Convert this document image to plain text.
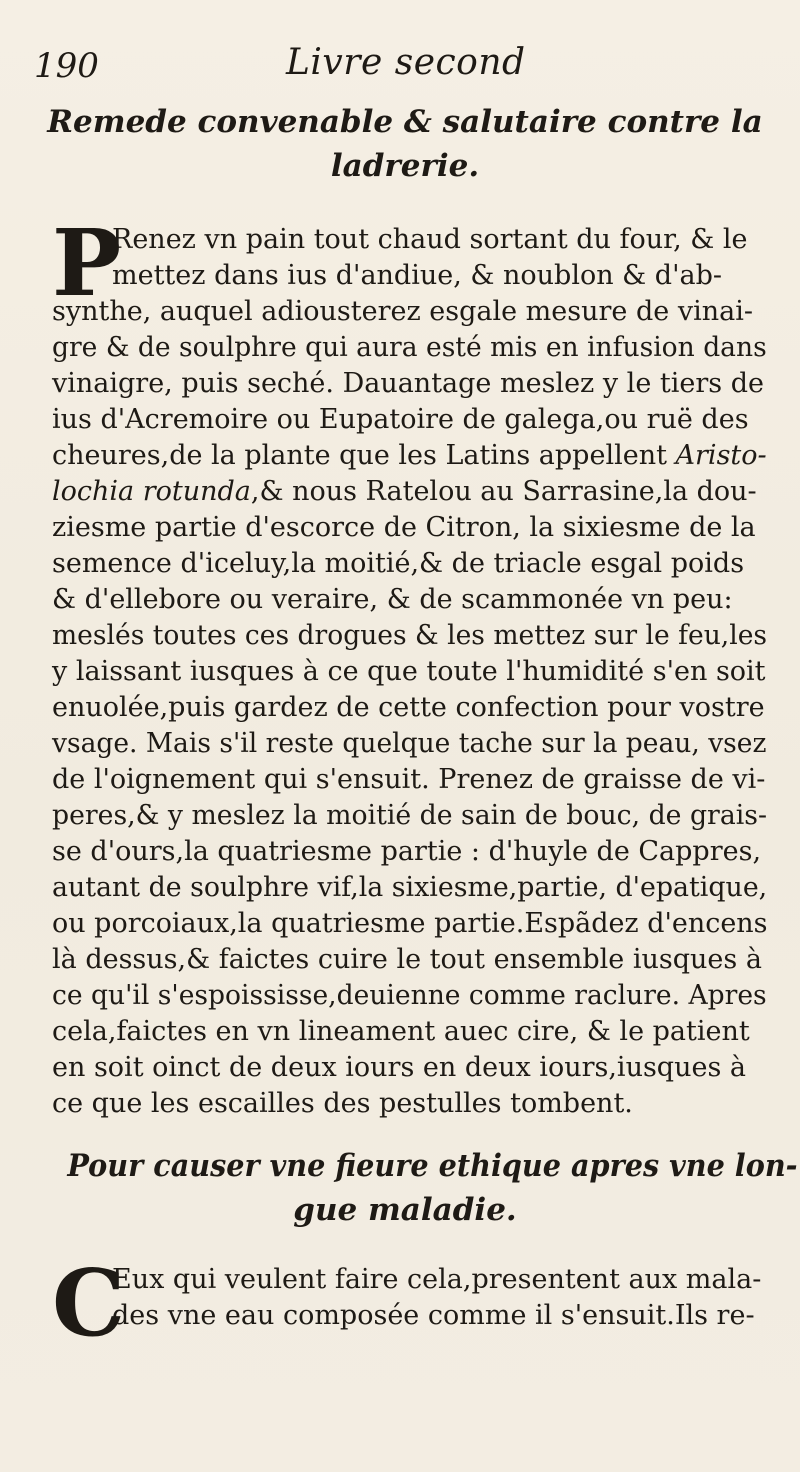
190	Livre second
Remede convenable & salutaire contre la
ladrerie.
P
Renez vn pain tout chaud sortant du four, & le
mettez dans ius d'andiue, & noublon & d'ab-
synthe, auquel adiousterez esgale mesure de vinai-
gre & de soulphre qui aura esté mis en infusion dans
vinaigre, puis seché. Dauantage meslez y le tiers de
ius d'Acremoire ou Eupatoire de galega,ou ruë des
cheures,de la plante que les Latins appellent Aristo-
lochia rotunda,& nous Ratelou au Sarrasine,la dou-
ziesme partie d'escorce de Citron, la sixiesme de la
semence d'iceluy,la moitié,& de triacle esgal poids
& d'ellebore ou veraire, & de scammonée vn peu:
meslés toutes ces drogues & les mettez sur le feu,les
y laissant iusques à ce que toute l'humidité s'en soit
enuolée,puis gardez de cette confection pour vostre
vsage. Mais s'il reste quelque tache sur la peau, vsez
de l'oignement qui s'ensuit. Prenez de graisse de vi-
peres,& y meslez la moitié de sain de bouc, de grais-
se d'ours,la quatriesme partie : d'huyle de Cappres,
autant de soulphre vif,la sixiesme,partie, d'epatique,
ou porcoiaux,la quatriesme partie.Espãdez d'encens
là dessus,& faictes cuire le tout ensemble iusques à
ce qu'il s'espoississe,deuienne comme raclure. Apres
cela,faictes en vn lineament auec cire, & le patient
en soit oinct de deux iours en deux iours,iusques à
ce que les escailles des pestulles tombent.
Pour causer vne fieure ethique apres vne lon-
gue maladie.
C
Eux qui veulent faire cela,presentent aux mala-
des vne eau composée comme il s'ensuit.Ils re-
